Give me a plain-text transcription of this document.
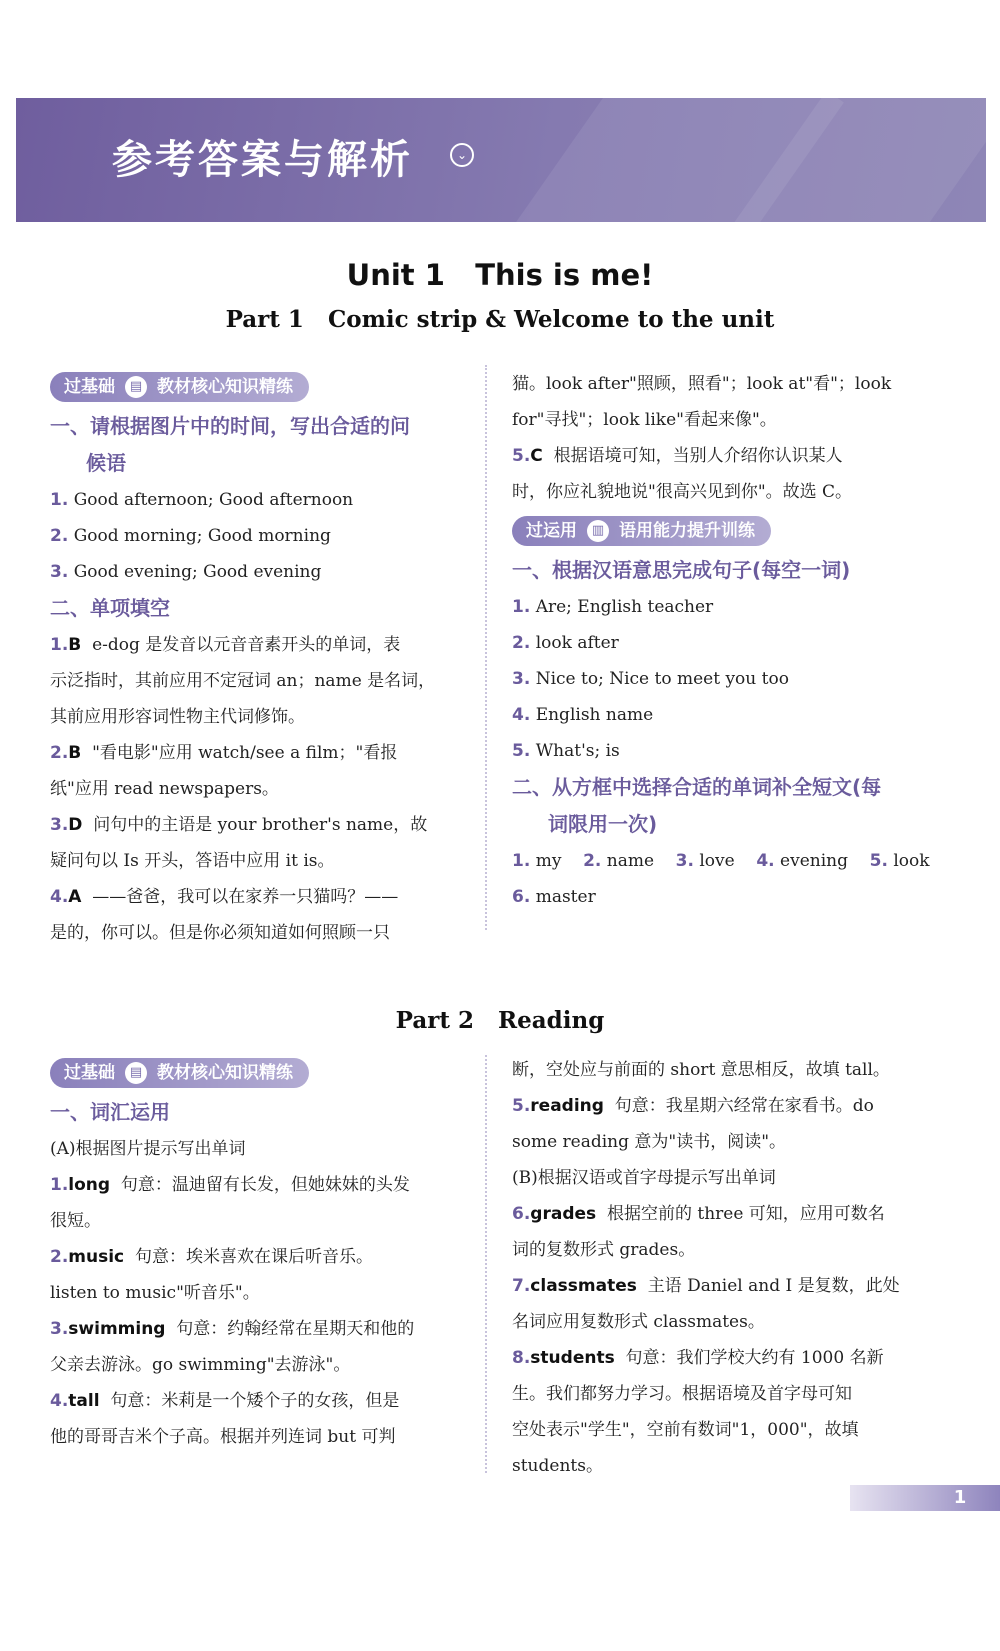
参考答案与解析	⌄
Unit 1   This is me!
Part 1   Comic strip & Welcome to the unit
过基础	▤ 教材核心知识精练
一、请根据图片中的时间，写出合适的问
候语

1. Good afternoon; Good afternoon

2. Good morning; Good morning

3. Good evening; Good evening

二、单项填空

1.B e-dog 是发音以元音音素开头的单词，表

示泛指时，其前应用不定冠词 an；name 是名词，

其前应用形容词性物主代词修饰。

2.B "看电影"应用 watch/see a film；"看报

纸"应用 read newspapers。

3.D 问句中的主语是 your brother's name，故

疑问句以 Is 开头，答语中应用 it is。

4.A ——爸爸，我可以在家养一只猫吗？——

是的，你可以。但是你必须知道如何照顾一只

猫。look after"照顾，照看"；look at"看"；look

for"寻找"；look like"看起来像"。

5.C 根据语境可知，当别人介绍你认识某人

时，你应礼貌地说"很高兴见到你"。故选 C。

过运用	▥ 语用能力提升训练
一、根据汉语意思完成句子(每空一词)

1. Are; English teacher

2. look after

3. Nice to; Nice to meet you too

4. English name

5. What's; is

二、从方框中选择合适的单词补全短文(每
词限用一次)

1. my 2. name 3. love 4. evening 5. look

6. master

Part 2   Reading
过基础	▤ 教材核心知识精练
一、词汇运用

(A)根据图片提示写出单词

1.long 句意：温迪留有长发，但她妹妹的头发

很短。

2.music 句意：埃米喜欢在课后听音乐。

listen to music"听音乐"。

3.swimming 句意：约翰经常在星期天和他的

父亲去游泳。go swimming"去游泳"。

4.tall 句意：米莉是一个矮个子的女孩，但是

他的哥哥吉米个子高。根据并列连词 but 可判

断，空处应与前面的 short 意思相反，故填 tall。

5.reading 句意：我星期六经常在家看书。do

some reading 意为"读书，阅读"。

(B)根据汉语或首字母提示写出单词

6.grades 根据空前的 three 可知，应用可数名

词的复数形式 grades。

7.classmates 主语 Daniel and I 是复数，此处

名词应用复数形式 classmates。

8.students 句意：我们学校大约有 1000 名新

生。我们都努力学习。根据语境及首字母可知

空处表示"学生"，空前有数词"1，000"，故填

students。

1
